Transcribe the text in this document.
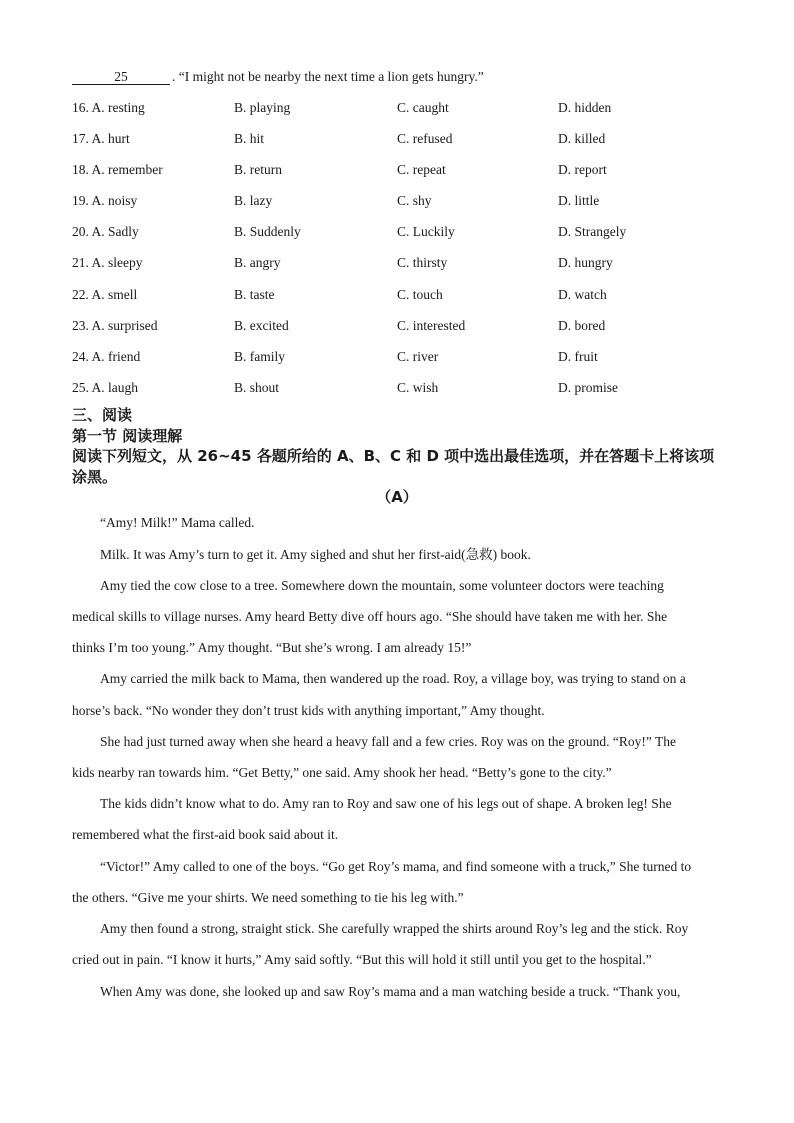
25	. “I might not be nearby the next time a lion gets hungry.”
16. A. resting	B. playing	C. caught	D. hidden
17. A. hurt	B. hit	C. refused	D. killed
18. A. remember	B. return	C. repeat	D. report
19. A. noisy	B. lazy	C. shy	D. little
20. A. Sadly	B. Suddenly	C. Luckily	D. Strangely
21. A. sleepy	B. angry	C. thirsty	D. hungry
22. A. smell	B. taste	C. touch	D. watch
23. A. surprised	B. excited	C. interested	D. bored
24. A. friend	B. family	C. river	D. fruit
25. A. laugh	B. shout	C. wish	D. promise
三、阅读
第一节 阅读理解
阅读下列短文，从 26~45 各题所给的 A、B、C 和 D 项中选出最佳选项，并在答题卡上将该项涂黑。
（A）
“Amy! Milk!” Mama called.
Milk. It was Amy’s turn to get it. Amy sighed and shut her first-aid(急救) book.
Amy tied the cow close to a tree. Somewhere down the mountain, some volunteer doctors were teaching
medical skills to village nurses. Amy heard Betty dive off hours ago. “She should have taken me with her. She
thinks I’m too young.” Amy thought. “But she’s wrong. I am already 15!”
Amy carried the milk back to Mama, then wandered up the road. Roy, a village boy, was trying to stand on a
horse’s back. “No wonder they don’t trust kids with anything important,” Amy thought.
She had just turned away when she heard a heavy fall and a few cries. Roy was on the ground. “Roy!” The
kids nearby ran towards him. “Get Betty,” one said. Amy shook her head. “Betty’s gone to the city.”
The kids didn’t know what to do. Amy ran to Roy and saw one of his legs out of shape. A broken leg! She
remembered what the first-aid book said about it.
“Victor!” Amy called to one of the boys. “Go get Roy’s mama, and find someone with a truck,” She turned to
the others. “Give me your shirts. We need something to tie his leg with.”
Amy then found a strong, straight stick. She carefully wrapped the shirts around Roy’s leg and the stick. Roy
cried out in pain. “I know it hurts,” Amy said softly. “But this will hold it still until you get to the hospital.”
When Amy was done, she looked up and saw Roy’s mama and a man watching beside a truck. “Thank you,
